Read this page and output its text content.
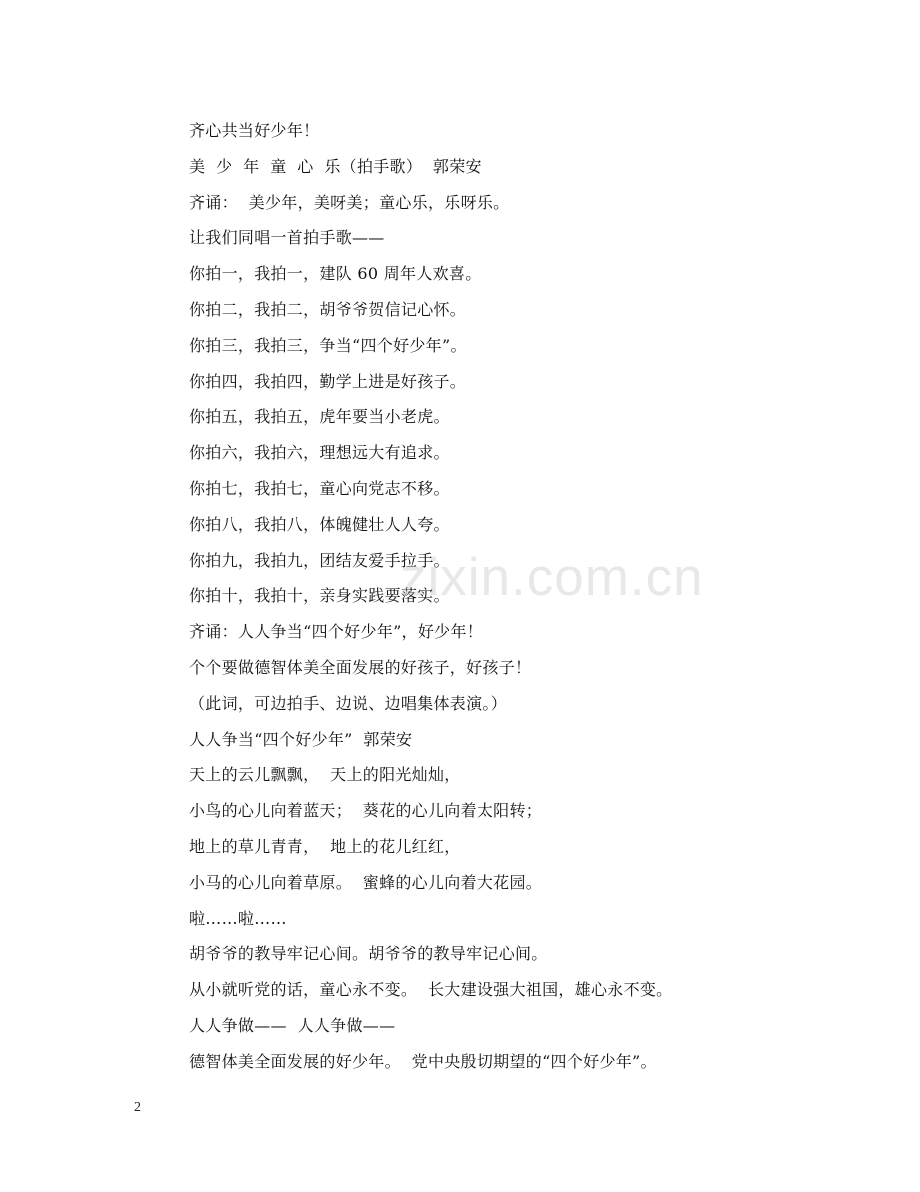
齐心共当好少年！
美  少  年  童  心  乐（拍手歌）  郭荣安
齐诵：  美少年，美呀美；童心乐，乐呀乐。
让我们同唱一首拍手歌——
你拍一，我拍一，建队 60 周年人欢喜。
你拍二，我拍二，胡爷爷贺信记心怀。
你拍三，我拍三，争当“四个好少年”。
你拍四，我拍四，勤学上进是好孩子。
你拍五，我拍五，虎年要当小老虎。
你拍六，我拍六，理想远大有追求。
你拍七，我拍七，童心向党志不移。
你拍八，我拍八，体魄健壮人人夸。
你拍九，我拍九，团结友爱手拉手。
你拍十，我拍十，亲身实践要落实。
齐诵：人人争当“四个好少年”，好少年！
个个要做德智体美全面发展的好孩子，好孩子！
（此词，可边拍手、边说、边唱集体表演。）
人人争当“四个好少年”  郭荣安
天上的云儿飘飘，  天上的阳光灿灿，
小鸟的心儿向着蓝天；  葵花的心儿向着太阳转；
地上的草儿青青，  地上的花儿红红，
小马的心儿向着草原。  蜜蜂的心儿向着大花园。
啦……啦……
胡爷爷的教导牢记心间。胡爷爷的教导牢记心间。
从小就听党的话，童心永不变。  长大建设强大祖国，雄心永不变。
人人争做——  人人争做——
德智体美全面发展的好少年。  党中央殷切期望的“四个好少年”。
zixin.com.cn
2
